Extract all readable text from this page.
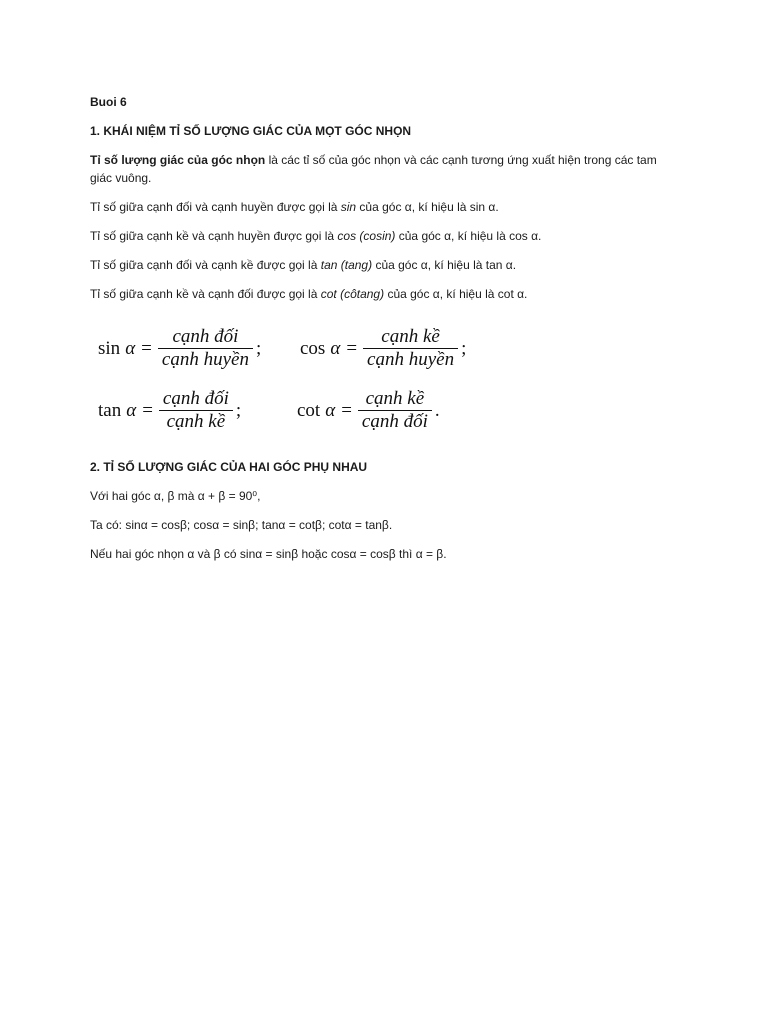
Buoi 6

1. KHÁI NIỆM TỈ SỐ LƯỢNG GIÁC CỦA MỌT GÓC NHỌN

Tỉ số lượng giác của góc nhọn là các tỉ số của góc nhọn và các cạnh tương ứng xuất hiện trong các tam giác vuông.

Tỉ số giữa cạnh đối và cạnh huyền được gọi là sin của góc α, kí hiệu là sin α.

Tỉ số giữa cạnh kề và cạnh huyền được gọi là cos (cosin) của góc α, kí hiệu là cos α.

Tỉ số giữa cạnh đối và cạnh kề được gọi là tan (tang) của góc α, kí hiệu là tan α.

Tỉ số giữa cạnh kề và cạnh đối được gọi là cot (côtang) của góc α, kí hiệu là cot α.

$\sin \alpha = \frac{\text{cạnh đối}}{\text{cạnh huyền}}$ ; $\cos \alpha = \frac{\text{cạnh kề}}{\text{cạnh huyền}}$ ;
$\tan \alpha = \frac{\text{cạnh đối}}{\text{cạnh kề}}$ ;	$\cot \alpha = \frac{\text{cạnh kề}}{\text{cạnh đối}}$ .

2. TỈ SỐ LƯỢNG GIÁC CỦA HAI GÓC PHỤ NHAU

Với hai góc α, β mà α + β = 90⁰,

Ta có: sinα = cosβ; cosα = sinβ; tanα = cotβ; cotα = tanβ.

Nếu hai góc nhọn α và β có sinα = sinβ hoặc cosα = cosβ thì α = β.
